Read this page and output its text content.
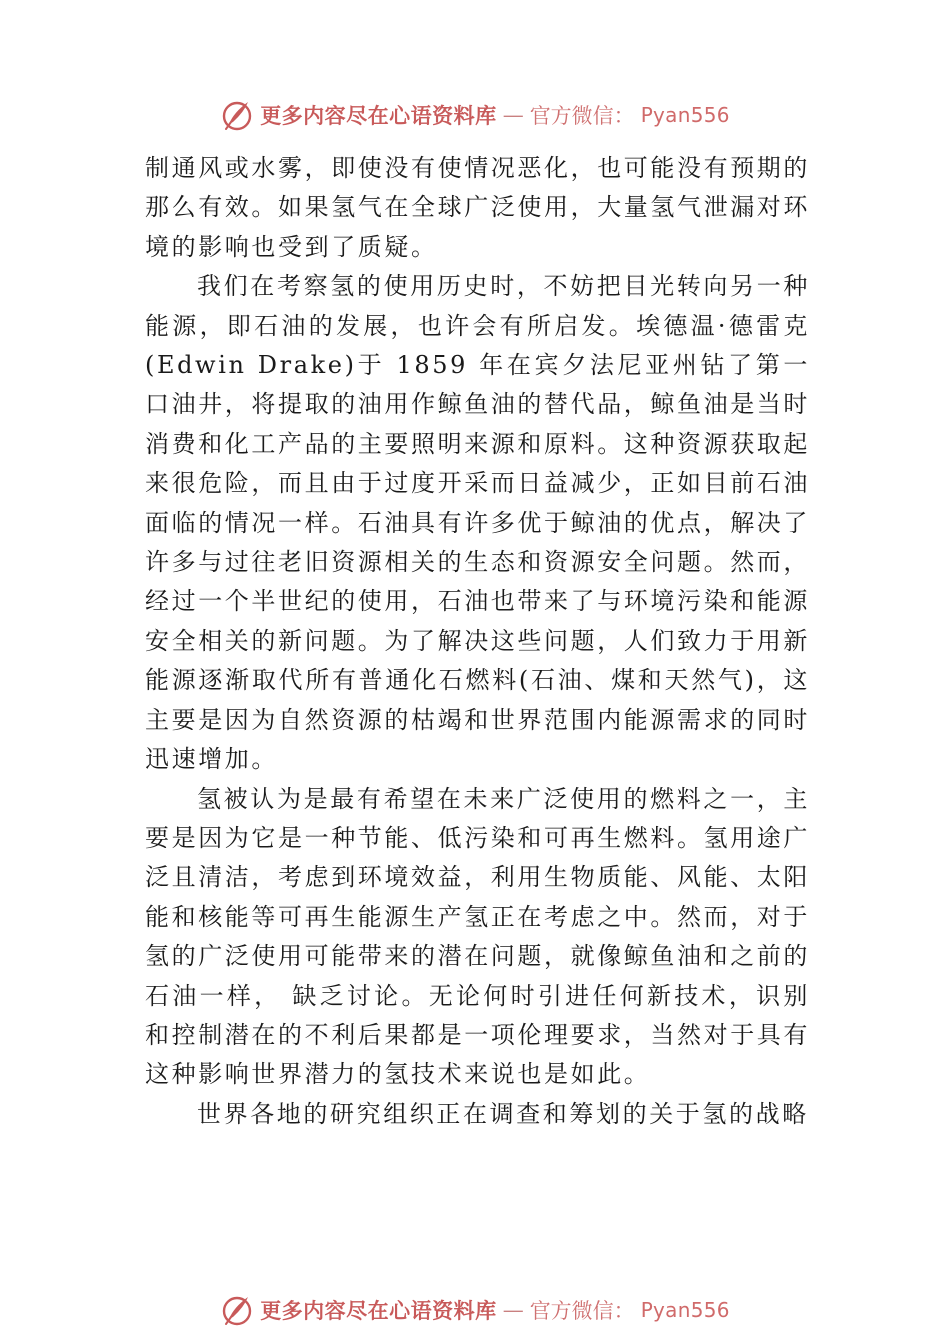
更多内容尽在心语资料库 — 官方微信： Pyan556

制通风或水雾，即使没有使情况恶化，也可能没有预期的那么有效。如果氢气在全球广泛使用，大量氢气泄漏对环境的影响也受到了质疑。

我们在考察氢的使用历史时，不妨把目光转向另一种能源，即石油的发展，也许会有所启发。埃德温·德雷克(Edwin Drake)于 1859 年在宾夕法尼亚州钻了第一口油井，将提取的油用作鲸鱼油的替代品，鲸鱼油是当时消费和化工产品的主要照明来源和原料。这种资源获取起来很危险，而且由于过度开采而日益减少，正如目前石油面临的情况一样。石油具有许多优于鲸油的优点，解决了许多与过往老旧资源相关的生态和资源安全问题。然而，经过一个半世纪的使用，石油也带来了与环境污染和能源安全相关的新问题。为了解决这些问题，人们致力于用新能源逐渐取代所有普通化石燃料(石油、煤和天然气)，这主要是因为自然资源的枯竭和世界范围内能源需求的同时迅速增加。

氢被认为是最有希望在未来广泛使用的燃料之一，主要是因为它是一种节能、低污染和可再生燃料。氢用途广泛且清洁，考虑到环境效益，利用生物质能、风能、太阳能和核能等可再生能源生产氢正在考虑之中。然而，对于氢的广泛使用可能带来的潜在问题，就像鲸鱼油和之前的石油一样， 缺乏讨论。无论何时引进任何新技术，识别和控制潜在的不利后果都是一项伦理要求，当然对于具有这种影响世界潜力的氢技术来说也是如此。

世界各地的研究组织正在调查和筹划的关于氢的战略

更多内容尽在心语资料库 — 官方微信： Pyan556
